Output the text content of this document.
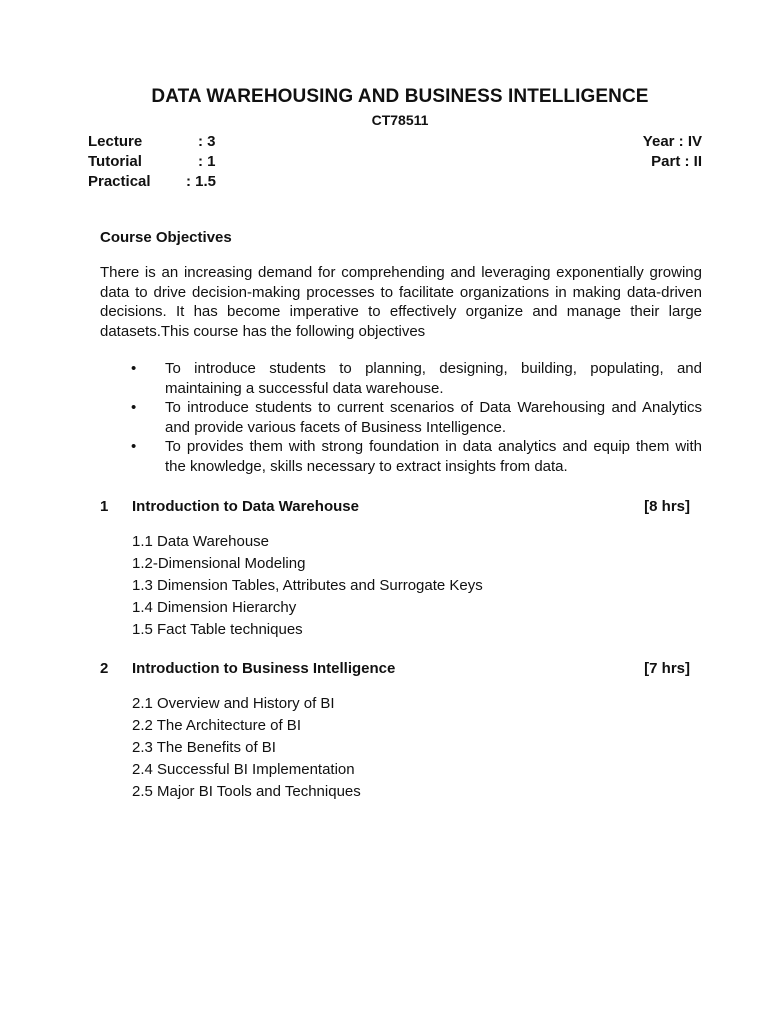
DATA WAREHOUSING AND BUSINESS INTELLIGENCE
CT78511
Lecture	: 3
Tutorial	: 1
Practical : 1.5
Year : IV
Part : II
Course Objectives
There is an increasing demand for comprehending and leveraging exponentially growing data to drive decision-making processes to facilitate organizations in making data-driven decisions. It has become imperative to effectively organize and manage their large datasets.This course has the following objectives
• To introduce students to planning, designing, building, populating, and maintaining a successful data warehouse.
• To introduce students to current scenarios of Data Warehousing and Analytics and provide various facets of Business Intelligence.
• To provides them with strong foundation in data analytics and equip them with the knowledge, skills necessary to extract insights from data.
1 Introduction to Data Warehouse	[8 hrs]
1.1 Data Warehouse
1.2-Dimensional Modeling
1.3 Dimension Tables, Attributes and Surrogate Keys
1.4 Dimension Hierarchy
1.5 Fact Table techniques
2 Introduction to Business Intelligence	[7 hrs]
2.1 Overview and History of BI
2.2 The Architecture of BI
2.3 The Benefits of BI
2.4 Successful BI Implementation
2.5 Major BI Tools and Techniques
